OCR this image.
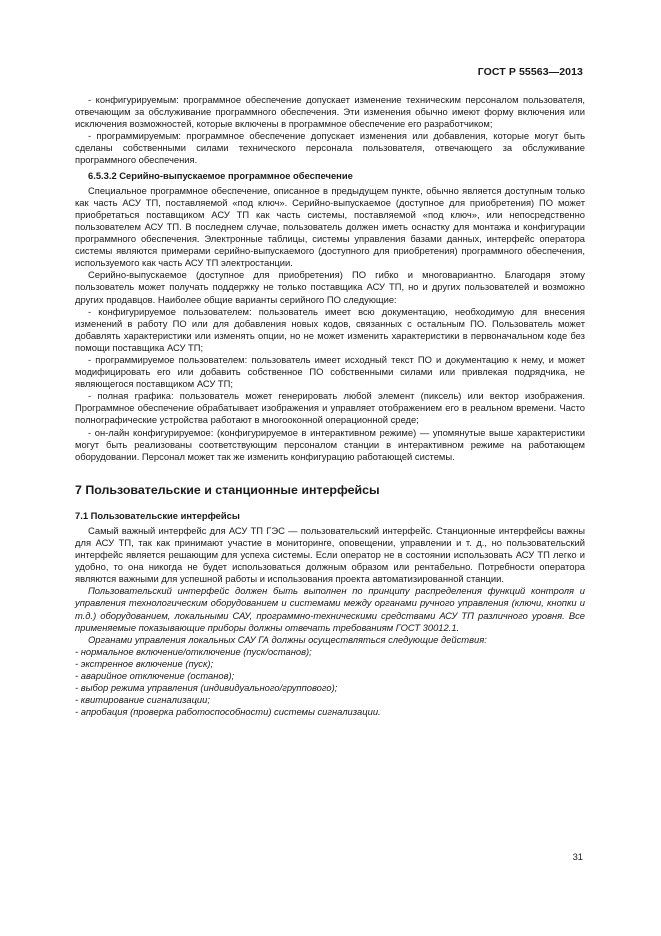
ГОСТ Р 55563—2013

- конфигурируемым: программное обеспечение допускает изменение техническим персоналом пользователя, отвечающим за обслуживание программного обеспечения. Эти изменения обычно имеют форму включения или исключения возможностей, которые включены в программное обеспечение его разработчиком;

- программируемым: программное обеспечение допускает изменения или добавления, которые могут быть сделаны собственными силами технического персонала пользователя, отвечающего за обслуживание программного обеспечения.

6.5.3.2 Серийно-выпускаемое программное обеспечение

Специальное программное обеспечение, описанное в предыдущем пункте, обычно является доступным только как часть АСУ ТП, поставляемой «под ключ». Серийно-выпускаемое (доступное для приобретения) ПО может приобретаться поставщиком АСУ ТП как часть системы, поставляемой «под ключ», или непосредственно пользователем АСУ ТП. В последнем случае, пользователь должен иметь оснастку для монтажа и конфигурации программного обеспечения. Электронные таблицы, системы управления базами данных, интерфейс оператора системы являются примерами серийно-выпускаемого (доступного для приобретения) программного обеспечения, используемого как часть АСУ ТП электростанции.

Серийно-выпускаемое (доступное для приобретения) ПО гибко и многовариантно. Благодаря этому пользователь может получать поддержку не только поставщика АСУ ТП, но и других пользователей и возможно других продавцов. Наиболее общие варианты серийного ПО следующие:

- конфигурируемое пользователем: пользователь имеет всю документацию, необходимую для внесения изменений в работу ПО или для добавления новых кодов, связанных с остальным ПО. Пользователь может добавлять характеристики или изменять опции, но не может изменить характеристики в первоначальном коде без помощи поставщика АСУ ТП;

- программируемое пользователем: пользователь имеет исходный текст ПО и документацию к нему, и может модифицировать его или добавить собственное ПО собственными силами или привлекая подрядчика, не являющегося поставщиком АСУ ТП;

- полная графика: пользователь может генерировать любой элемент (пиксель) или вектор изображения. Программное обеспечение обрабатывает изображения и управляет отображением его в реальном времени. Часто полнографические устройства работают в многооконной операционной среде;

- он-лайн конфигурируемое: (конфигурируемое в интерактивном режиме) — упомянутые выше характеристики могут быть реализованы соответствующим персоналом станции в интерактивном режиме на работающем оборудовании. Персонал может так же изменить конфигурацию работающей системы.

7 Пользовательские и станционные интерфейсы

7.1 Пользовательские интерфейсы

Самый важный интерфейс для АСУ ТП ГЭС — пользовательский интерфейс. Станционные интерфейсы важны для АСУ ТП, так как принимают участие в мониторинге, оповещении, управлении и т. д., но пользовательский интерфейс является решающим для успеха системы. Если оператор не в состоянии использовать АСУ ТП легко и удобно, то она никогда не будет использоваться должным образом или рентабельно. Потребности оператора являются важными для успешной работы и использования проекта автоматизированной станции.

Пользовательский интерфейс должен быть выполнен по принципу распределения функций контроля и управления технологическим оборудованием и системами между органами ручного управления (ключи, кнопки и т.д.) оборудованием, локальными САУ, программно-техническими средствами АСУ ТП различного уровня. Все применяемые показывающие приборы должны отвечать требованиям ГОСТ 30012.1.

Органами управления локальных САУ ГА должны осуществляться следующие действия:

- нормальное включение/отключение (пуск/останов);

- экстренное включение (пуск);

- аварийное отключение (останов);

- выбор режима управления (индивидуального/группового);

- квитирование сигнализации;

- апробация (проверка работоспособности) системы сигнализации.

31
